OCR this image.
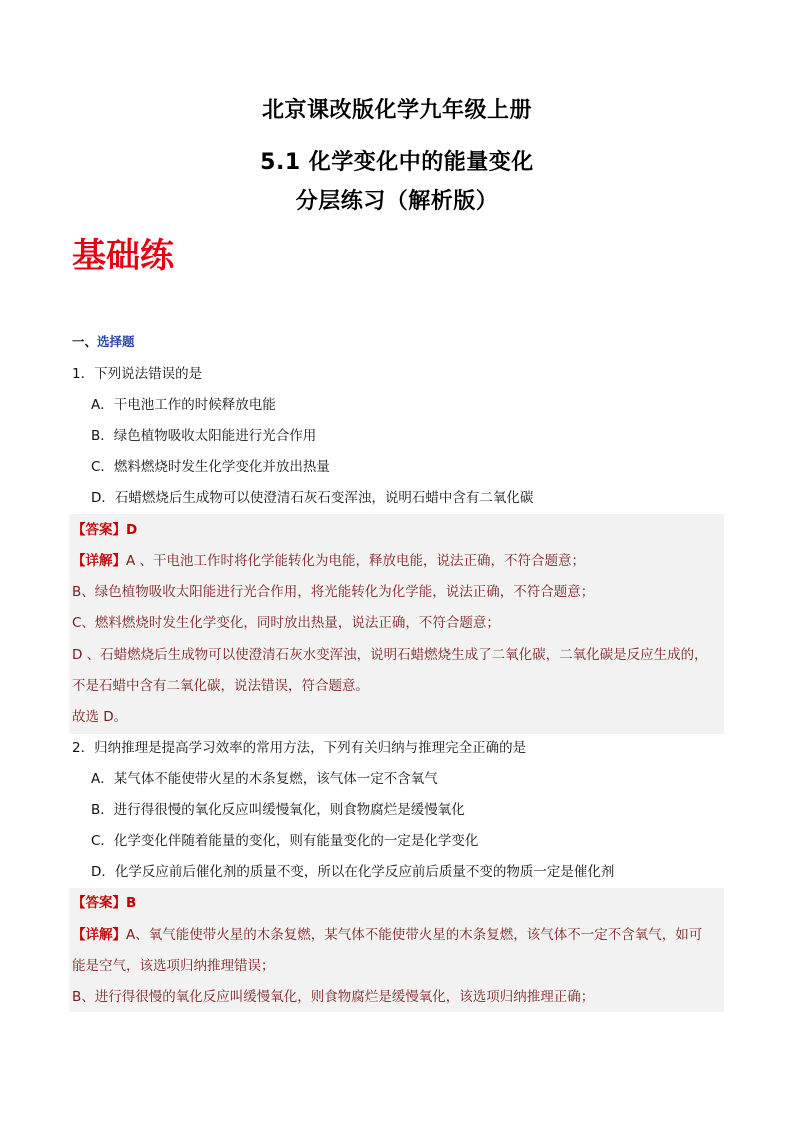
北京课改版化学九年级上册
5.1 化学变化中的能量变化
分层练习（解析版）
基础练
一、选择题
1．下列说法错误的是
A．干电池工作的时候释放电能
B．绿色植物吸收太阳能进行光合作用
C．燃料燃烧时发生化学变化并放出热量
D．石蜡燃烧后生成物可以使澄清石灰石变浑浊，说明石蜡中含有二氧化碳
【答案】D
【详解】A 、干电池工作时将化学能转化为电能，释放电能，说法正确，不符合题意；
B、绿色植物吸收太阳能进行光合作用，将光能转化为化学能，说法正确，不符合题意；
C、燃料燃烧时发生化学变化，同时放出热量，说法正确，不符合题意；
D 、石蜡燃烧后生成物可以使澄清石灰水变浑浊，说明石蜡燃烧生成了二氧化碳，二氧化碳是反应生成的，
不是石蜡中含有二氧化碳，说法错误，符合题意。
故选 D。
2．归纳推理是提高学习效率的常用方法，下列有关归纳与推理完全正确的是
A．某气体不能使带火星的木条复燃，该气体一定不含氧气
B．进行得很慢的氧化反应叫缓慢氧化，则食物腐烂是缓慢氧化
C．化学变化伴随着能量的变化，则有能量变化的一定是化学变化
D．化学反应前后催化剂的质量不变，所以在化学反应前后质量不变的物质一定是催化剂
【答案】B
【详解】A、氧气能使带火星的木条复燃，某气体不能使带火星的木条复燃，该气体不一定不含氧气，如可
能是空气，该选项归纳推理错误；
B、进行得很慢的氧化反应叫缓慢氧化，则食物腐烂是缓慢氧化，该选项归纳推理正确；
